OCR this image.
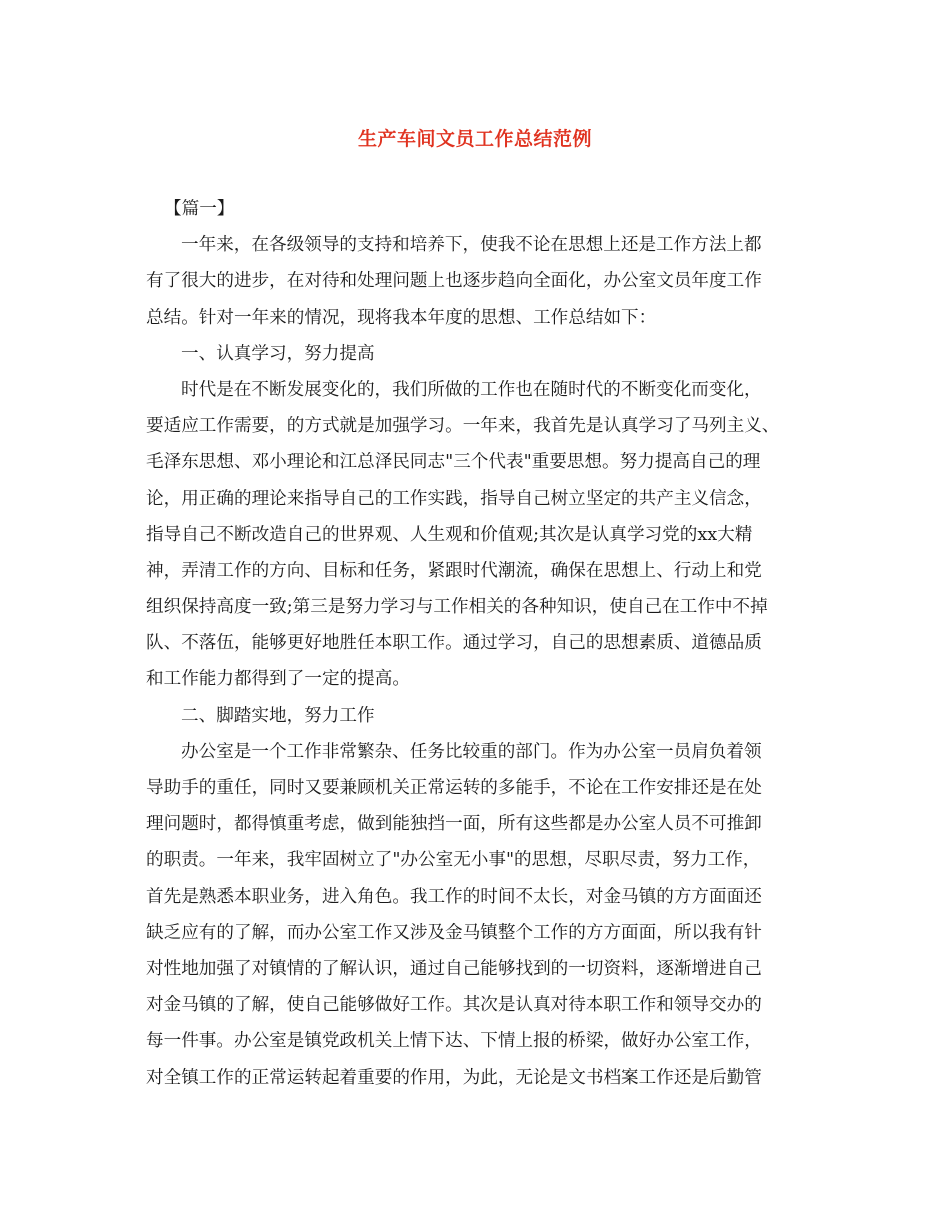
生产车间文员工作总结范例
【篇一】
一年来，在各级领导的支持和培养下，使我不论在思想上还是工作方法上都
有了很大的进步，在对待和处理问题上也逐步趋向全面化，办公室文员年度工作
总结。针对一年来的情况，现将我本年度的思想、工作总结如下：
一、认真学习，努力提高
时代是在不断发展变化的，我们所做的工作也在随时代的不断变化而变化，
要适应工作需要，的方式就是加强学习。一年来，我首先是认真学习了马列主义、
毛泽东思想、邓小理论和江总泽民同志"三个代表"重要思想。努力提高自己的理
论，用正确的理论来指导自己的工作实践，指导自己树立坚定的共产主义信念，
指导自己不断改造自己的世界观、人生观和价值观;其次是认真学习党的xx大精
神，弄清工作的方向、目标和任务，紧跟时代潮流，确保在思想上、行动上和党
组织保持高度一致;第三是努力学习与工作相关的各种知识，使自己在工作中不掉
队、不落伍，能够更好地胜任本职工作。通过学习，自己的思想素质、道德品质
和工作能力都得到了一定的提高。
二、脚踏实地，努力工作
办公室是一个工作非常繁杂、任务比较重的部门。作为办公室一员肩负着领
导助手的重任，同时又要兼顾机关正常运转的多能手，不论在工作安排还是在处
理问题时，都得慎重考虑，做到能独挡一面，所有这些都是办公室人员不可推卸
的职责。一年来，我牢固树立了"办公室无小事"的思想，尽职尽责，努力工作，
首先是熟悉本职业务，进入角色。我工作的时间不太长，对金马镇的方方面面还
缺乏应有的了解，而办公室工作又涉及金马镇整个工作的方方面面，所以我有针
对性地加强了对镇情的了解认识，通过自己能够找到的一切资料，逐渐增进自己
对金马镇的了解，使自己能够做好工作。其次是认真对待本职工作和领导交办的
每一件事。办公室是镇党政机关上情下达、下情上报的桥梁，做好办公室工作，
对全镇工作的正常运转起着重要的作用，为此，无论是文书档案工作还是后勤管
